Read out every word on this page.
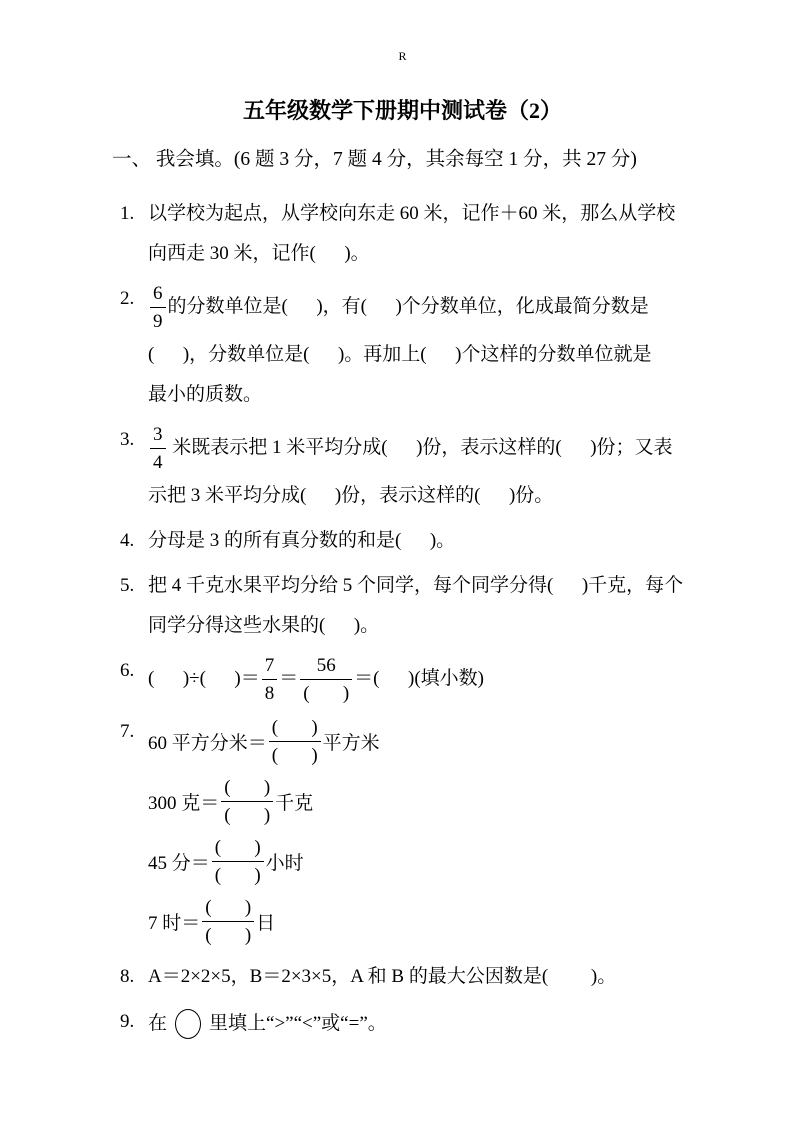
R
五年级数学下册期中测试卷（2）
一、 我会填。(6 题 3 分，7 题 4 分，其余每空 1 分，共 27 分)
1. 以学校为起点，从学校向东走 60 米，记作＋60 米，那么从学校
向西走 30 米，记作(      )。
2. $\frac{6}{9}$ 的分数单位是(      )，有(      )个分数单位，化成最简分数是
(      )，分数单位是(      )。再加上(      )个这样的分数单位就是
最小的质数。
3. $\frac{3}{4}$ 米既表示把 1 米平均分成(      )份，表示这样的(      )份；又表
示把 3 米平均分成(      )份，表示这样的(      )份。
4. 分母是 3 的所有真分数的和是(      )。
5. 把 4 千克水果平均分给 5 个同学，每个同学分得(      )千克，每个
同学分得这些水果的(      )。
6. (      )÷(      )＝ $\frac{7}{8} = \frac{56}{( )}$ ＝(      )(填小数)
7.
60 平方分米＝ $\frac{( )}{( )}$ 平方米
300 克＝ $\frac{( )}{( )}$ 千克
45 分＝ $\frac{( )}{( )}$ 小时
7 时＝ $\frac{( )}{( )}$ 日
8. A＝2×2×5，B＝2×3×5，A 和 B 的最大公因数是(         )。
9. 在 里填上“>”“<”或“=”。
